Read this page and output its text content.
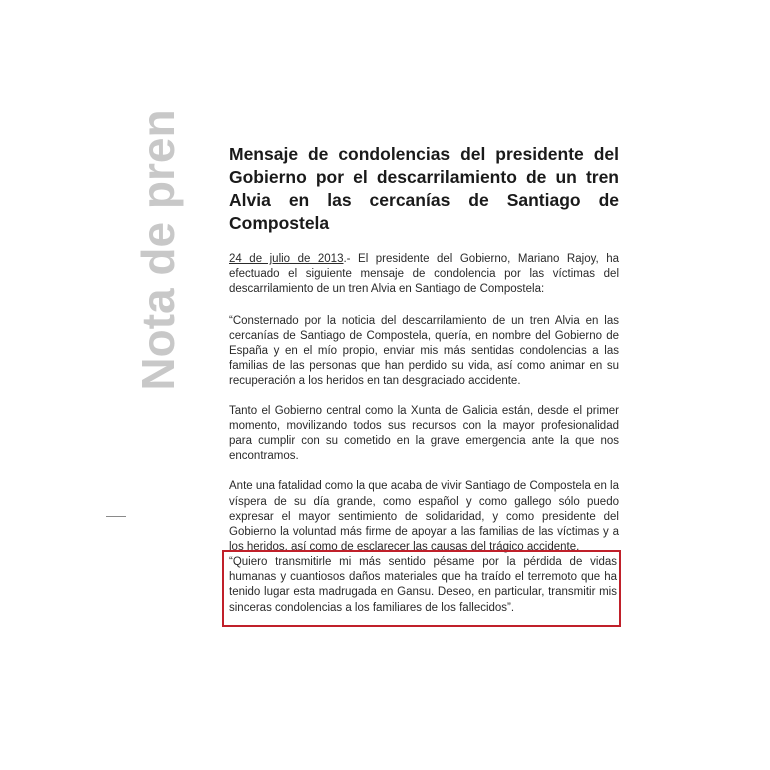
Nota de pren	Mensaje de condolencias del presidente del Gobierno por el descarrilamiento de un tren Alvia en las cercanías de Santiago de Compostela

24 de julio de 2013.- El presidente del Gobierno, Mariano Rajoy, ha efectuado el siguiente mensaje de condolencia por las víctimas del descarrilamiento de un tren Alvia en Santiago de Compostela:

“Consternado por la noticia del descarrilamiento de un tren Alvia en las cercanías de Santiago de Compostela, quería, en nombre del Gobierno de España y en el mío propio, enviar mis más sentidas condolencias a las familias de las personas que han perdido su vida, así como animar en su recuperación a los heridos en tan desgraciado accidente.

Tanto el Gobierno central como la Xunta de Galicia están, desde el primer momento, movilizando todos sus recursos con la mayor profesionalidad para cumplir con su cometido en la grave emergencia ante la que nos encontramos.

Ante una fatalidad como la que acaba de vivir Santiago de Compostela en la víspera de su día grande, como español y como gallego sólo puedo expresar el mayor sentimiento de solidaridad, y como presidente del Gobierno la voluntad más firme de apoyar a las familias de las víctimas y a los heridos, así como de esclarecer las causas del trágico accidente.

“Quiero transmitirle mi más sentido pésame por la pérdida de vidas humanas y cuantiosos daños materiales que ha traído el terremoto que ha tenido lugar esta madrugada en Gansu. Deseo, en particular, transmitir mis sinceras condolencias a los familiares de los fallecidos”.
